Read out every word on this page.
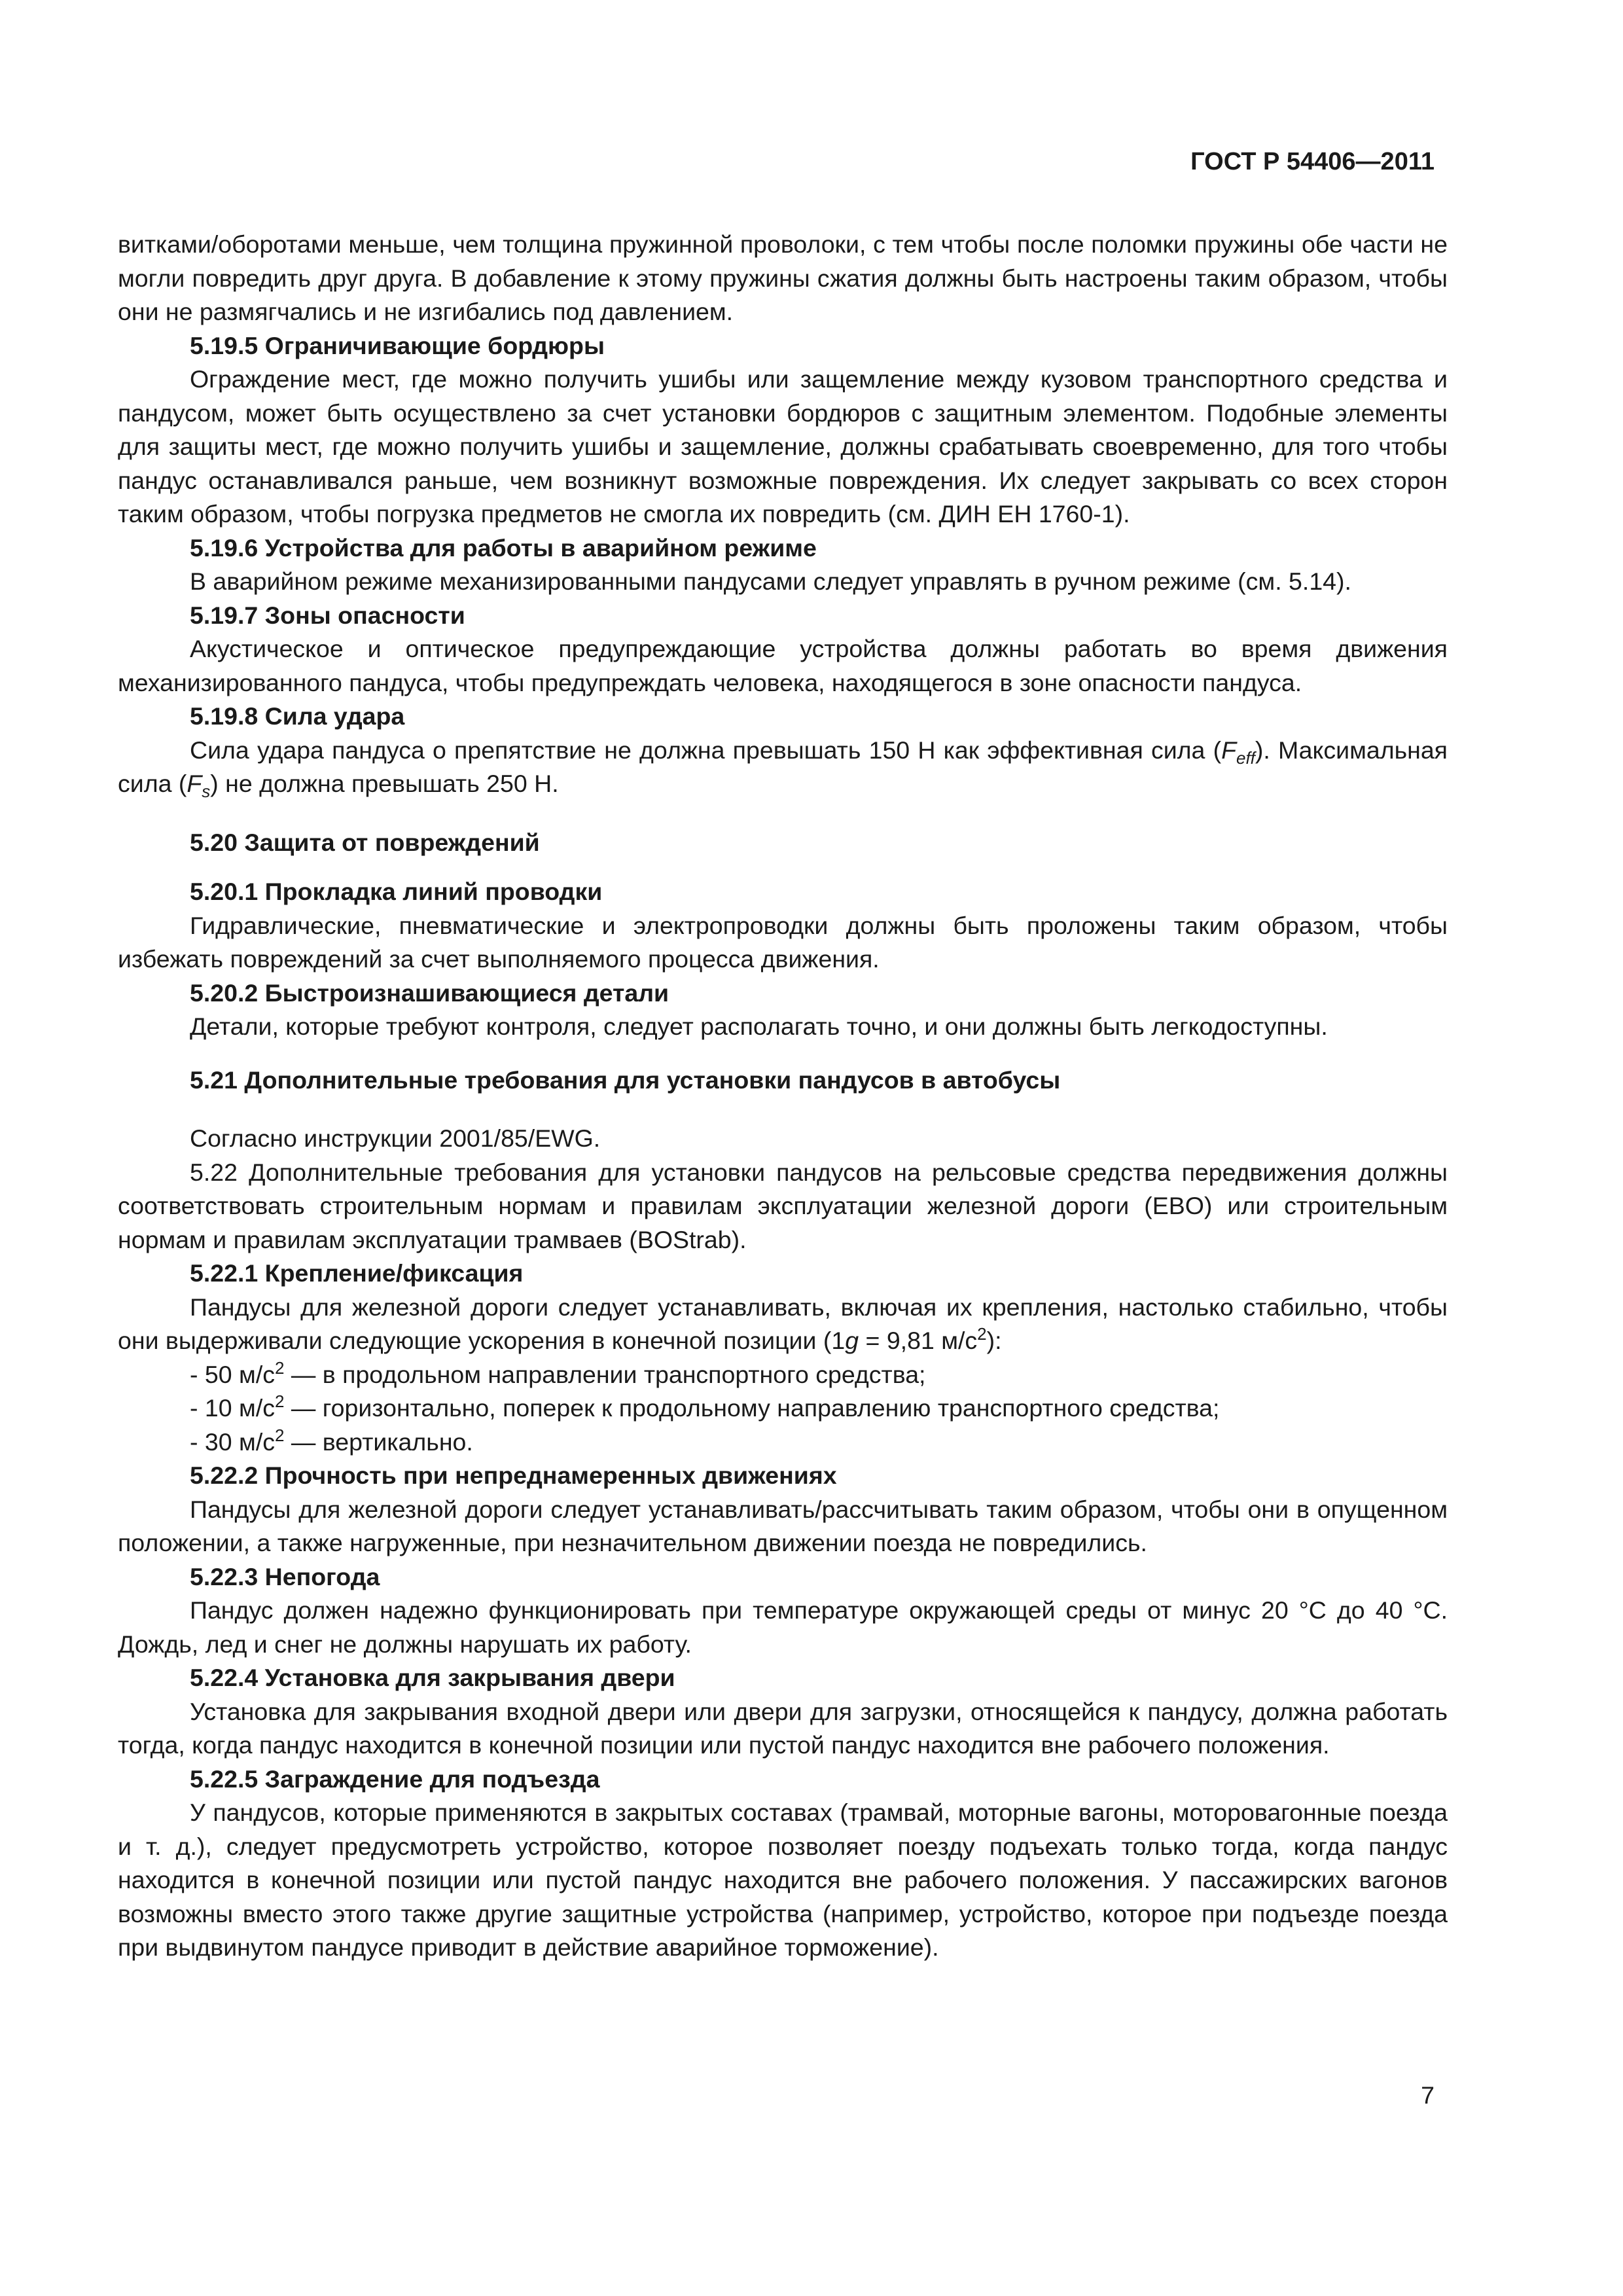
ГОСТ Р 54406—2011

витками/оборотами меньше, чем толщина пружинной проволоки, с тем чтобы после поломки пружины обе части не могли повредить друг друга. В добавление к этому пружины сжатия должны быть настроены таким образом, чтобы они не размягчались и не изгибались под давлением.

5.19.5 Ограничивающие бордюры

Ограждение мест, где можно получить ушибы или защемление между кузовом транспортного средства и пандусом, может быть осуществлено за счет установки бордюров с защитным элементом. Подобные элементы для защиты мест, где можно получить ушибы и защемление, должны срабатывать своевременно, для того чтобы пандус останавливался раньше, чем возникнут возможные повреждения. Их следует закрывать со всех сторон таким образом, чтобы погрузка предметов не смогла их повредить (см. ДИН ЕН 1760-1).

5.19.6 Устройства для работы в аварийном режиме

В аварийном режиме механизированными пандусами следует управлять в ручном режиме (см. 5.14).

5.19.7 Зоны опасности

Акустическое и оптическое предупреждающие устройства должны работать во время движения механизированного пандуса, чтобы предупреждать человека, находящегося в зоне опасности пандуса.

5.19.8 Сила удара

Сила удара пандуса о препятствие не должна превышать 150 Н как эффективная сила $(F_{eff})$. Максимальная сила $(F_s)$ не должна превышать 250 Н.

5.20 Защита от повреждений
5.20.1 Прокладка линий проводки

Гидравлические, пневматические и электропроводки должны быть проложены таким образом, чтобы избежать повреждений за счет выполняемого процесса движения.

5.20.2 Быстроизнашивающиеся детали

Детали, которые требуют контроля, следует располагать точно, и они должны быть легкодоступны.

5.21 Дополнительные требования для установки пандусов в автобусы

Согласно инструкции 2001/85/EWG.

5.22 Дополнительные требования для установки пандусов на рельсовые средства передвижения должны соответствовать строительным нормам и правилам эксплуатации железной дороги (EBO) или строительным нормам и правилам эксплуатации трамваев (BOStrab).

5.22.1 Крепление/фиксация

Пандусы для железной дороги следует устанавливать, включая их крепления, настолько стабильно, чтобы они выдерживали следующие ускорения в конечной позиции (1g = 9,81 $м/с^2$):

- 50 $м/с^2$ — в продольном направлении транспортного средства;

- 10 $м/с^2$ — горизонтально, поперек к продольному направлению транспортного средства;

- 30 $м/с^2$ — вертикально.

5.22.2 Прочность при непреднамеренных движениях

Пандусы для железной дороги следует устанавливать/рассчитывать таким образом, чтобы они в опущенном положении, а также нагруженные, при незначительном движении поезда не повредились.

5.22.3 Непогода

Пандус должен надежно функционировать при температуре окружающей среды от минус 20 °С до 40 °С. Дождь, лед и снег не должны нарушать их работу.

5.22.4 Установка для закрывания двери

Установка для закрывания входной двери или двери для загрузки, относящейся к пандусу, должна работать тогда, когда пандус находится в конечной позиции или пустой пандус находится вне рабочего положения.

5.22.5 Заграждение для подъезда

У пандусов, которые применяются в закрытых составах (трамвай, моторные вагоны, моторовагонные поезда и т. д.), следует предусмотреть устройство, которое позволяет поезду подъехать только тогда, когда пандус находится в конечной позиции или пустой пандус находится вне рабочего положения. У пассажирских вагонов возможны вместо этого также другие защитные устройства (например, устройство, которое при подъезде поезда при выдвинутом пандусе приводит в действие аварийное торможение).

7
